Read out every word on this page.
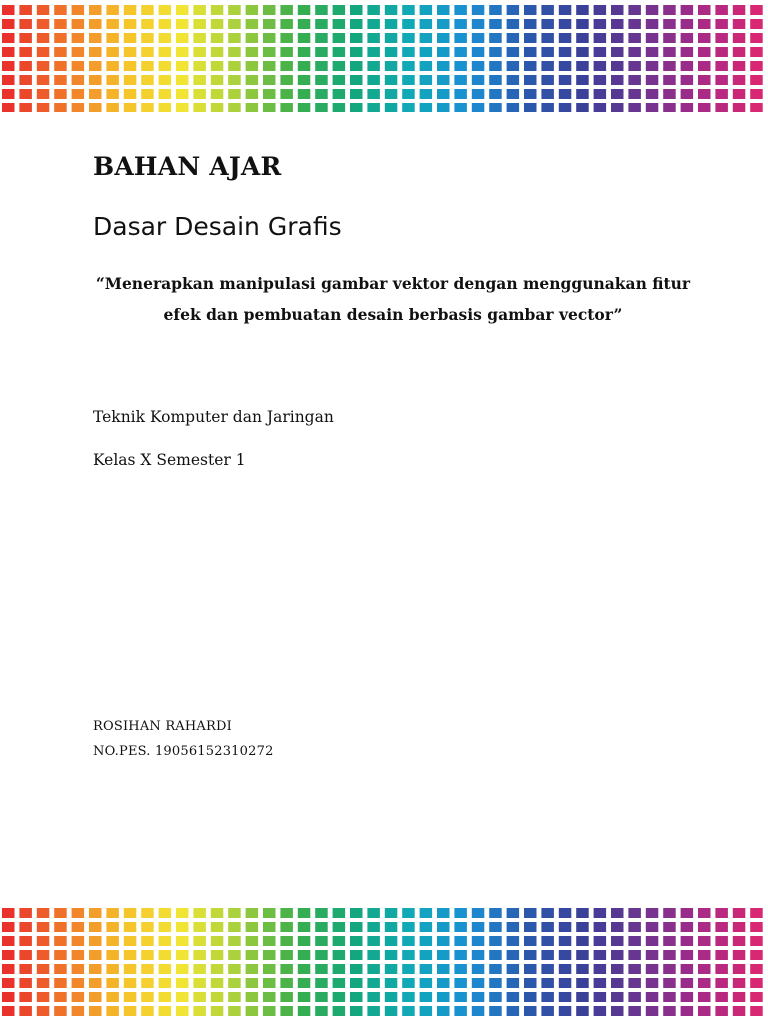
BAHAN AJAR
Dasar Desain Grafis
“Menerapkan manipulasi gambar vektor dengan menggunakan fitur
efek dan pembuatan desain berbasis gambar vector”

Teknik Komputer dan Jaringan

Kelas X Semester 1

ROSIHAN RAHARDI

NO.PES. 19056152310272
